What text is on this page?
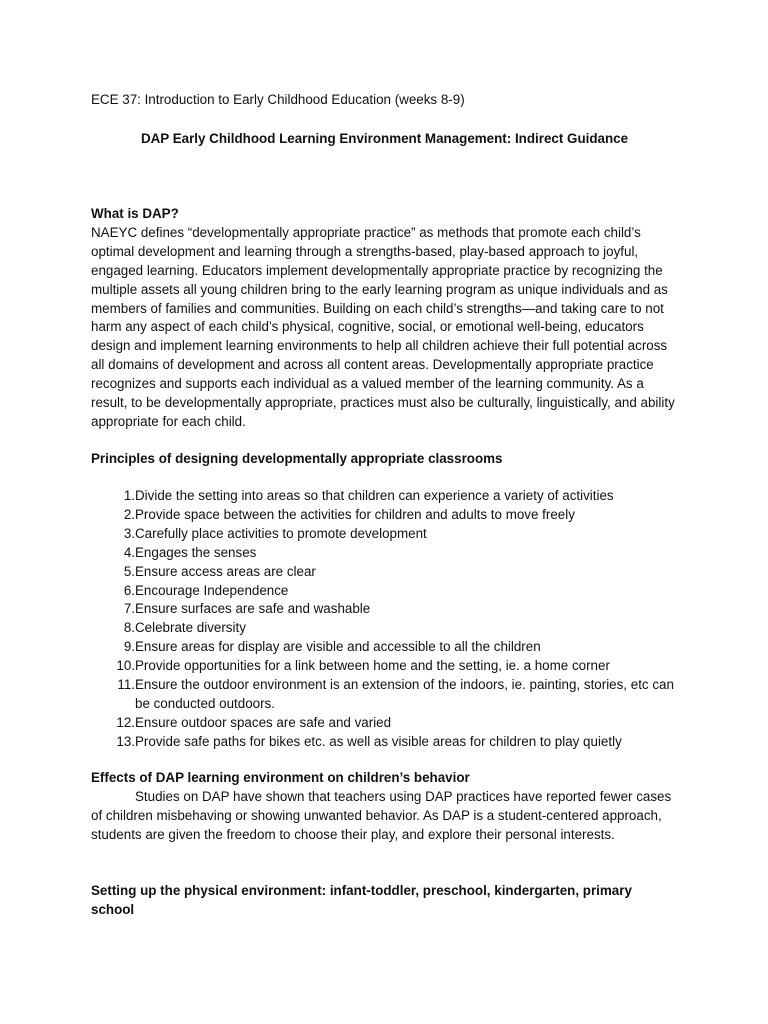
ECE 37: Introduction to Early Childhood Education (weeks 8-9)

DAP Early Childhood Learning Environment Management: Indirect Guidance

What is DAP?

NAEYC defines “developmentally appropriate practice” as methods that promote each child’s optimal development and learning through a strengths-based, play-based approach to joyful, engaged learning. Educators implement developmentally appropriate practice by recognizing the multiple assets all young children bring to the early learning program as unique individuals and as members of families and communities. Building on each child’s strengths—and taking care to not harm any aspect of each child’s physical, cognitive, social, or emotional well-being, educators design and implement learning environments to help all children achieve their full potential across all domains of development and across all content areas. Developmentally appropriate practice recognizes and supports each individual as a valued member of the learning community. As a result, to be developmentally appropriate, practices must also be culturally, linguistically, and ability appropriate for each child.

Principles of designing developmentally appropriate classrooms

1. Divide the setting into areas so that children can experience a variety of activities
2. Provide space between the activities for children and adults to move freely
3. Carefully place activities to promote development
4. Engages the senses
5. Ensure access areas are clear
6. Encourage Independence
7. Ensure surfaces are safe and washable
8. Celebrate diversity
9. Ensure areas for display are visible and accessible to all the children
10. Provide opportunities for a link between home and the setting, ie. a home corner
11. Ensure the outdoor environment is an extension of the indoors, ie. painting, stories, etc can be conducted outdoors.
12. Ensure outdoor spaces are safe and varied
13. Provide safe paths for bikes etc. as well as visible areas for children to play quietly

Effects of DAP learning environment on children’s behavior

Studies on DAP have shown that teachers using DAP practices have reported fewer cases of children misbehaving or showing unwanted behavior. As DAP is a student-centered approach, students are given the freedom to choose their play, and explore their personal interests.

Setting up the physical environment: infant-toddler, preschool, kindergarten, primary school
